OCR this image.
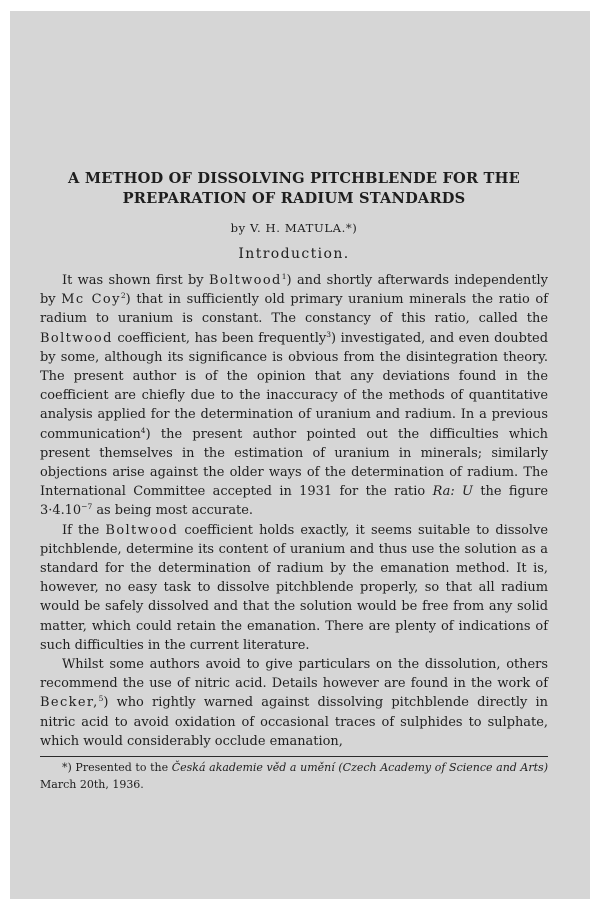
A METHOD OF DISSOLVING PITCHBLENDE FOR THE
PREPARATION OF RADIUM STANDARDS
by V. H. MATULA.*)
Introduction.

It was shown first by Boltwood$^1$) and shortly afterwards independently by Mc Coy$^2$) that in sufficiently old primary uranium minerals the ratio of radium to uranium is constant. The constancy of this ratio, called the Boltwood coefficient, has been frequently$^3$) investigated, and even doubted by some, although its significance is obvious from the disintegration theory. The present author is of the opinion that any deviations found in the coefficient are chiefly due to the inaccuracy of the methods of quantitative analysis applied for the determination of uranium and radium. In a previous communication$^4$) the present author pointed out the difficulties which present themselves in the estimation of uranium in minerals; similarly objections arise against the older ways of the determination of radium. The International Committee accepted in 1931 for the ratio Ra: U the figure $3\cdot 4.10^{-7}$ as being most accurate.

If the Boltwood coefficient holds exactly, it seems suitable to dissolve pitchblende, determine its content of uranium and thus use the solution as a standard for the determination of radium by the emanation method. It is, however, no easy task to dissolve pitchblende properly, so that all radium would be safely dissolved and that the solution would be free from any solid matter, which could retain the emanation. There are plenty of indications of such difficulties in the current literature.

Whilst some authors avoid to give particulars on the dissolution, others recommend the use of nitric acid. Details however are found in the work of Becker,$^5$) who rightly warned against dissolving pitchblende directly in nitric acid to avoid oxidation of occasional traces of sulphides to sulphate, which would considerably occlude emanation,

*) Presented to the Česká akademie věd a umění (Czech Academy of Science and Arts) March 20th, 1936.
